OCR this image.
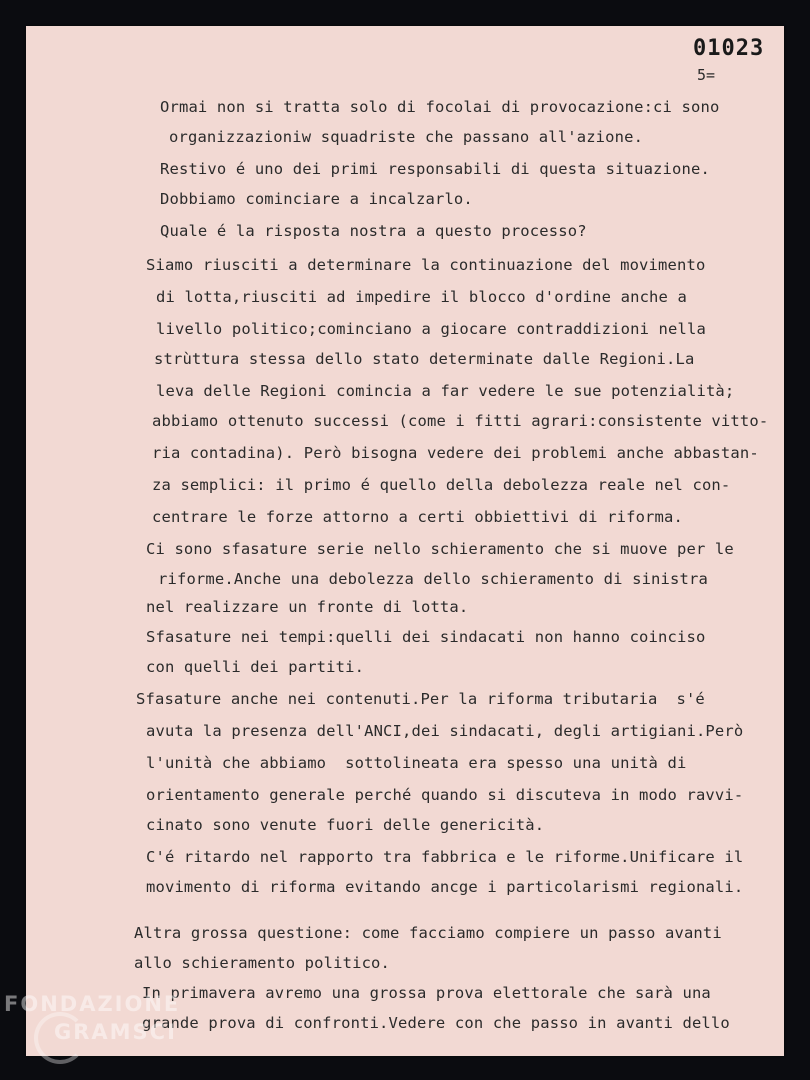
01023
5=
Ormai non si tratta solo di focolai di provocazione:ci sono
organizzazioniw squadriste che passano all'azione.
Restivo é uno dei primi responsabili di questa situazione.
Dobbiamo cominciare a incalzarlo.
Quale é la risposta nostra a questo processo?
Siamo riusciti a determinare la continuazione del movimento
di lotta,riusciti ad impedire il blocco d'ordine anche a
livello politico;cominciano a giocare contraddizioni nella
strùttura stessa dello stato determinate dalle Regioni.La
leva delle Regioni comincia a far vedere le sue potenzialità;
abbiamo ottenuto successi (come i fitti agrari:consistente vitto-
ria contadina). Però bisogna vedere dei problemi anche abbastan-
za semplici: il primo é quello della debolezza reale nel con-
centrare le forze attorno a certi obbiettivi di riforma.
Ci sono sfasature serie nello schieramento che si muove per le
riforme.Anche una debolezza dello schieramento di sinistra
nel realizzare un fronte di lotta.
Sfasature nei tempi:quelli dei sindacati non hanno coinciso
con quelli dei partiti.
Sfasature anche nei contenuti.Per la riforma tributaria  s'é
avuta la presenza dell'ANCI,dei sindacati, degli artigiani.Però
l'unità che abbiamo  sottolineata era spesso una unità di
orientamento generale perché quando si discuteva in modo ravvi-
cinato sono venute fuori delle genericità.
C'é ritardo nel rapporto tra fabbrica e le riforme.Unificare il
movimento di riforma evitando ancge i particolarismi regionali.
Altra grossa questione: come facciamo compiere un passo avanti
allo schieramento politico.
In primavera avremo una grossa prova elettorale che sarà una
grande prova di confronti.Vedere con che passo in avanti dello
FONDAZIONE
GRAMSCI
